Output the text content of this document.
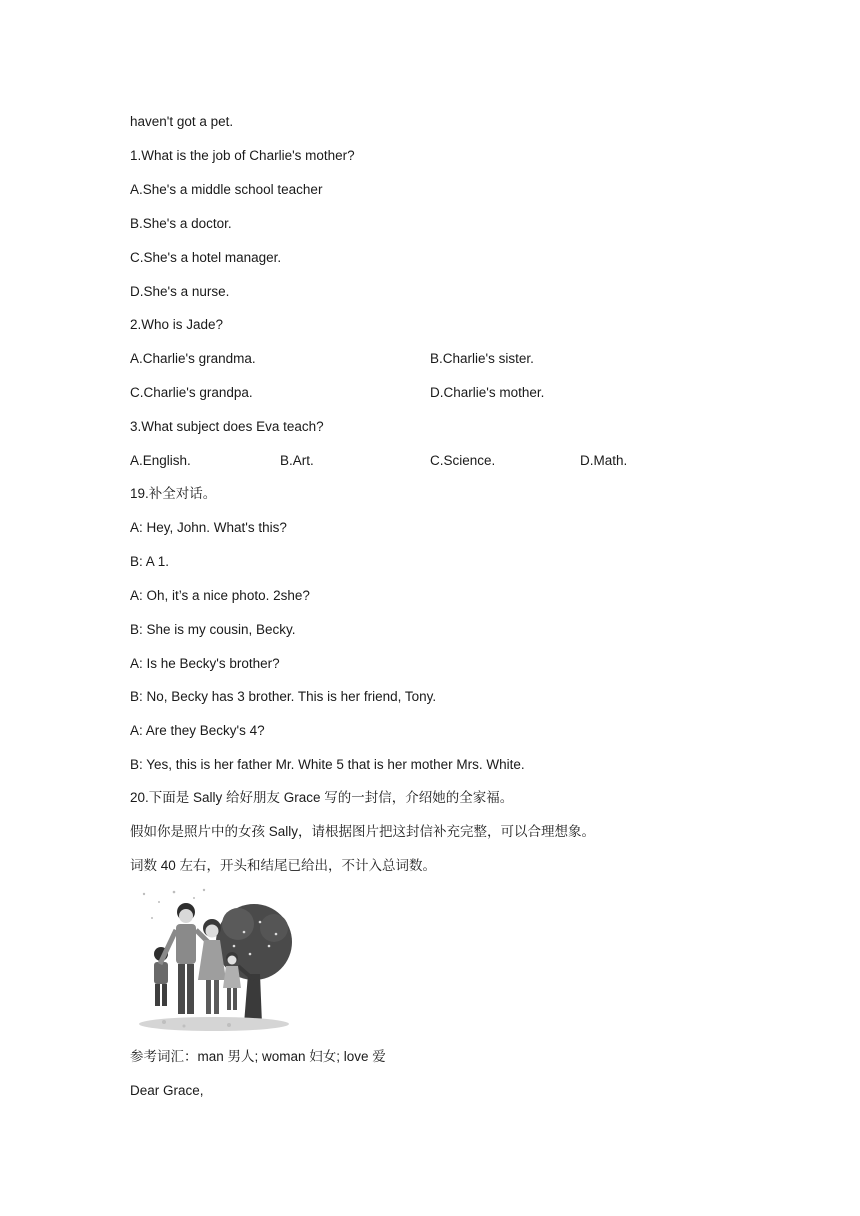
haven't got a pet.
1.What is the job of Charlie's mother?
A.She's a middle school teacher
B.She's a doctor.
C.She's a hotel manager.
D.She's a nurse.
2.Who is Jade?
A.Charlie's grandma.	B.Charlie's sister.
C.Charlie's grandpa.	D.Charlie's mother.
3.What subject does Eva teach?
A.English.	B.Art.	C.Science.	D.Math.
19.补全对话。
A: Hey, John. What's this?
B: A 1.
A: Oh, it’s a nice photo. 2she?
B: She is my cousin, Becky.
A: Is he Becky's brother?
B: No, Becky has 3 brother. This is her friend, Tony.
A: Are they Becky's 4?
B: Yes, this is her father Mr. White 5 that is her mother Mrs. White.
20.下面是 Sally 给好朋友 Grace 写的一封信，介绍她的全家福。
假如你是照片中的女孩 Sally，请根据图片把这封信补充完整，可以合理想象。
词数 40 左右，开头和结尾已给出，不计入总词数。
参考词汇：man 男人; woman 妇女; love 爱
Dear Grace,
